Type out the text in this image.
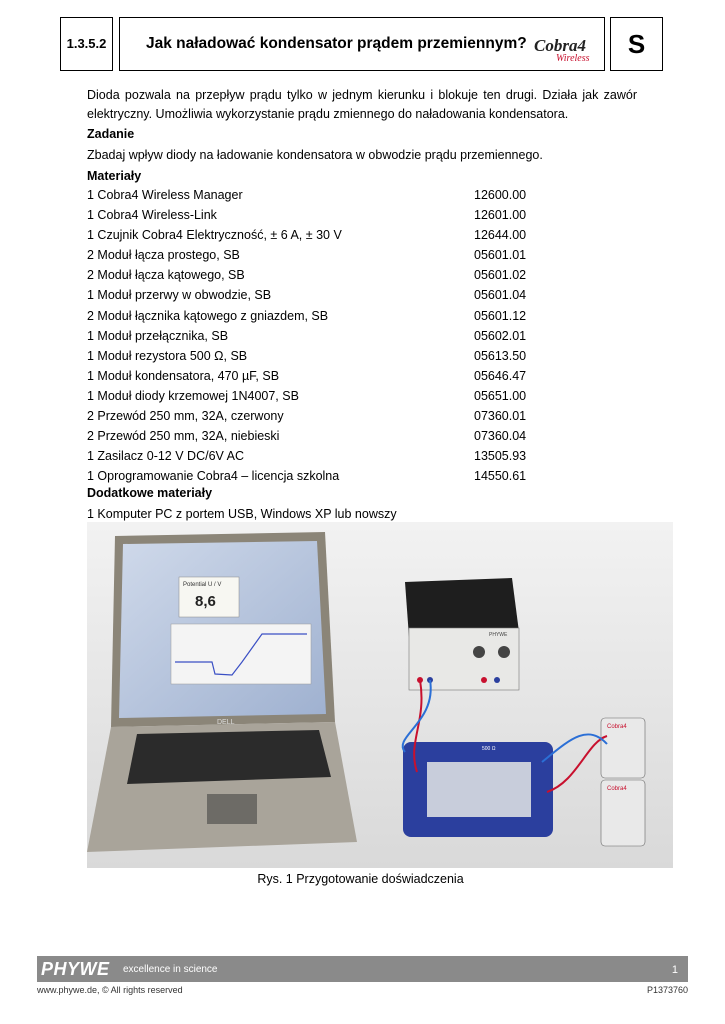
1.3.5.2	Jak naładować kondensator prądem przemiennym? Cobra4
Wireless	S
Dioda pozwala na przepływ prądu tylko w jednym kierunku i blokuje ten drugi. Działa jak zawór elektryczny. Umożliwia wykorzystanie prądu zmiennego do naładowania kondensatora.
Zadanie
Zbadaj wpływ diody na ładowanie kondensatora w obwodzie prądu przemiennego.
Materiały
1 Cobra4 Wireless Manager	12600.00
1 Cobra4 Wireless-Link	12601.00
1 Czujnik Cobra4 Elektryczność, ± 6 A, ± 30 V	12644.00
2 Moduł łącza prostego, SB	05601.01
2 Moduł łącza kątowego, SB	05601.02
1 Moduł przerwy w obwodzie, SB	05601.04
2 Moduł łącznika kątowego z gniazdem, SB	05601.12
1 Moduł przełącznika, SB	05602.01
1 Moduł rezystora 500 Ω, SB	05613.50
1 Moduł kondensatora, 470 µF, SB	05646.47
1 Moduł diody krzemowej 1N4007, SB	05651.00
2 Przewód 250 mm, 32A, czerwony	07360.01
2 Przewód 250 mm, 32A, niebieski	07360.04
1 Zasilacz 0-12 V DC/6V AC	13505.93
1 Oprogramowanie Cobra4 – licencja szkolna	14550.61
Dodatkowe materiały
1 Komputer PC z portem USB, Windows XP lub nowszy
Potential U / V
8,6
DELL
PHYWE
500 Ω
Cobra4
Cobra4
Rys. 1 Przygotowanie doświadczenia
PHYWE excellence in science	1
www.phywe.de, © All rights reserved	P1373760
